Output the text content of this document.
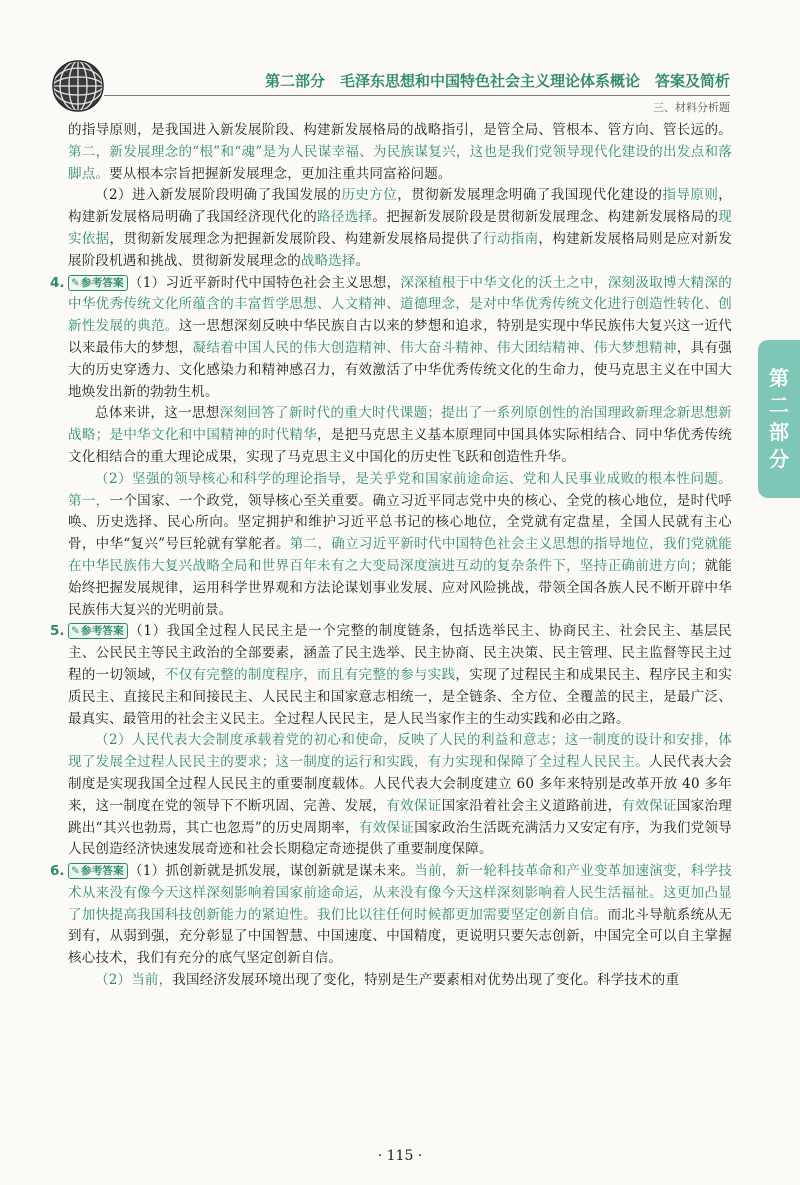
第二部分　毛泽东思想和中国特色社会主义理论体系概论　答案及简析
三、材料分析题
第二部分

的指导原则，是我国进入新发展阶段、构建新发展格局的战略指引，是管全局、管根本、管方向、管长远的。第二，新发展理念的“根”和“魂”是为人民谋幸福、为民族谋复兴，这也是我们党领导现代化建设的出发点和落脚点。要从根本宗旨把握新发展理念，更加注重共同富裕问题。

（2）进入新发展阶段明确了我国发展的历史方位，贯彻新发展理念明确了我国现代化建设的指导原则，构建新发展格局明确了我国经济现代化的路径选择。把握新发展阶段是贯彻新发展理念、构建新发展格局的现实依据，贯彻新发展理念为把握新发展阶段、构建新发展格局提供了行动指南，构建新发展格局则是应对新发展阶段机遇和挑战、贯彻新发展理念的战略选择。

4. ✎参考答案 （1）习近平新时代中国特色社会主义思想，深深植根于中华文化的沃土之中，深刻汲取博大精深的中华优秀传统文化所蕴含的丰富哲学思想、人文精神、道德理念，是对中华优秀传统文化进行创造性转化、创新性发展的典范。这一思想深刻反映中华民族自古以来的梦想和追求，特别是实现中华民族伟大复兴这一近代以来最伟大的梦想，凝结着中国人民的伟大创造精神、伟大奋斗精神、伟大团结精神、伟大梦想精神，具有强大的历史穿透力、文化感染力和精神感召力，有效激活了中华优秀传统文化的生命力，使马克思主义在中国大地焕发出新的勃勃生机。

总体来讲，这一思想深刻回答了新时代的重大时代课题；提出了一系列原创性的治国理政新理念新思想新战略；是中华文化和中国精神的时代精华，是把马克思主义基本原理同中国具体实际相结合、同中华优秀传统文化相结合的重大理论成果，实现了马克思主义中国化的历史性飞跃和创造性升华。

（2）坚强的领导核心和科学的理论指导，是关乎党和国家前途命运、党和人民事业成败的根本性问题。第一，一个国家、一个政党，领导核心至关重要。确立习近平同志党中央的核心、全党的核心地位，是时代呼唤、历史选择、民心所向。坚定拥护和维护习近平总书记的核心地位，全党就有定盘星，全国人民就有主心骨，中华“复兴”号巨轮就有掌舵者。第二，确立习近平新时代中国特色社会主义思想的指导地位，我们党就能在中华民族伟大复兴战略全局和世界百年未有之大变局深度演进互动的复杂条件下，坚持正确前进方向；就能始终把握发展规律，运用科学世界观和方法论谋划事业发展、应对风险挑战，带领全国各族人民不断开辟中华民族伟大复兴的光明前景。

5. ✎参考答案 （1）我国全过程人民民主是一个完整的制度链条，包括选举民主、协商民主、社会民主、基层民主、公民民主等民主政治的全部要素，涵盖了民主选举、民主协商、民主决策、民主管理、民主监督等民主过程的一切领域，不仅有完整的制度程序，而且有完整的参与实践，实现了过程民主和成果民主、程序民主和实质民主、直接民主和间接民主、人民民主和国家意志相统一，是全链条、全方位、全覆盖的民主，是最广泛、最真实、最管用的社会主义民主。全过程人民民主，是人民当家作主的生动实践和必由之路。

（2）人民代表大会制度承载着党的初心和使命，反映了人民的利益和意志；这一制度的设计和安排，体现了发展全过程人民民主的要求；这一制度的运行和实践，有力实现和保障了全过程人民民主。人民代表大会制度是实现我国全过程人民民主的重要制度载体。人民代表大会制度建立 60 多年来特别是改革开放 40 多年来，这一制度在党的领导下不断巩固、完善、发展，有效保证国家沿着社会主义道路前进，有效保证国家治理跳出“其兴也勃焉，其亡也忽焉”的历史周期率，有效保证国家政治生活既充满活力又安定有序，为我们党领导人民创造经济快速发展奇迹和社会长期稳定奇迹提供了重要制度保障。

6. ✎参考答案 （1）抓创新就是抓发展，谋创新就是谋未来。当前，新一轮科技革命和产业变革加速演变，科学技术从来没有像今天这样深刻影响着国家前途命运，从来没有像今天这样深刻影响着人民生活福祉。这更加凸显了加快提高我国科技创新能力的紧迫性。我们比以往任何时候都更加需要坚定创新自信。而北斗导航系统从无到有，从弱到强，充分彰显了中国智慧、中国速度、中国精度，更说明只要矢志创新，中国完全可以自主掌握核心技术，我们有充分的底气坚定创新自信。

（2）当前，我国经济发展环境出现了变化，特别是生产要素相对优势出现了变化。科学技术的重

· 115 ·
